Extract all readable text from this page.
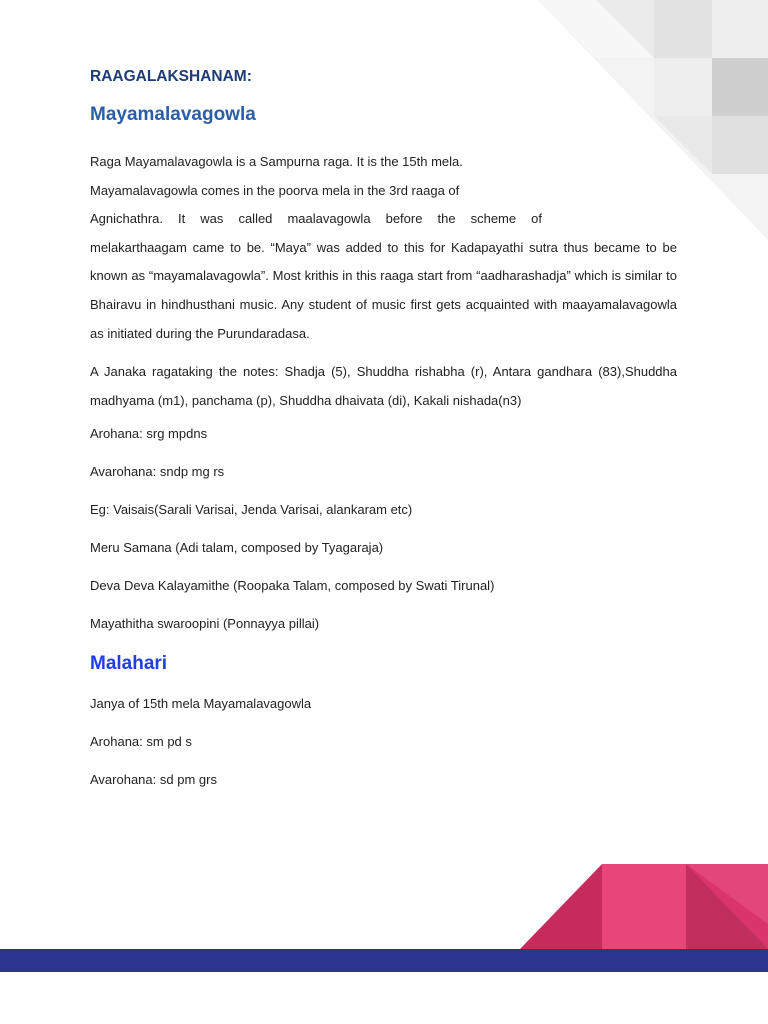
RAAGALAKSHANAM:
Mayamalavagowla

Raga Mayamalavagowla is a Sampurna raga. It is the 15th mela.
Mayamalavagowla comes in the poorva mela in the 3rd raaga of
Agnichathra. It was called maalavagowla before the scheme of
melakarthaagam came to be. “Maya” was added to this for Kadapayathi sutra thus became to be known as “mayamalavagowla”. Most krithis in this raaga start from “aadharashadja” which is similar to Bhairavu in hindhusthani music. Any student of music first gets acquainted with maayamalavagowla as initiated during the Purundaradasa.

A Janaka ragataking the notes: Shadja (5), Shuddha rishabha (r), Antara gandhara (83),Shuddha madhyama (m1), panchama (p), Shuddha dhaivata (di), Kakali nishada(n3)

Arohana: srg mpdns

Avarohana: sndp mg rs

Eg: Vaisais(Sarali Varisai, Jenda Varisai, alankaram etc)

Meru Samana (Adi talam, composed by Tyagaraja)

Deva Deva Kalayamithe (Roopaka Talam, composed by Swati Tirunal)

Mayathitha swaroopini (Ponnayya pillai)

Malahari

Janya of 15th mela Mayamalavagowla

Arohana: sm pd s

Avarohana: sd pm grs
